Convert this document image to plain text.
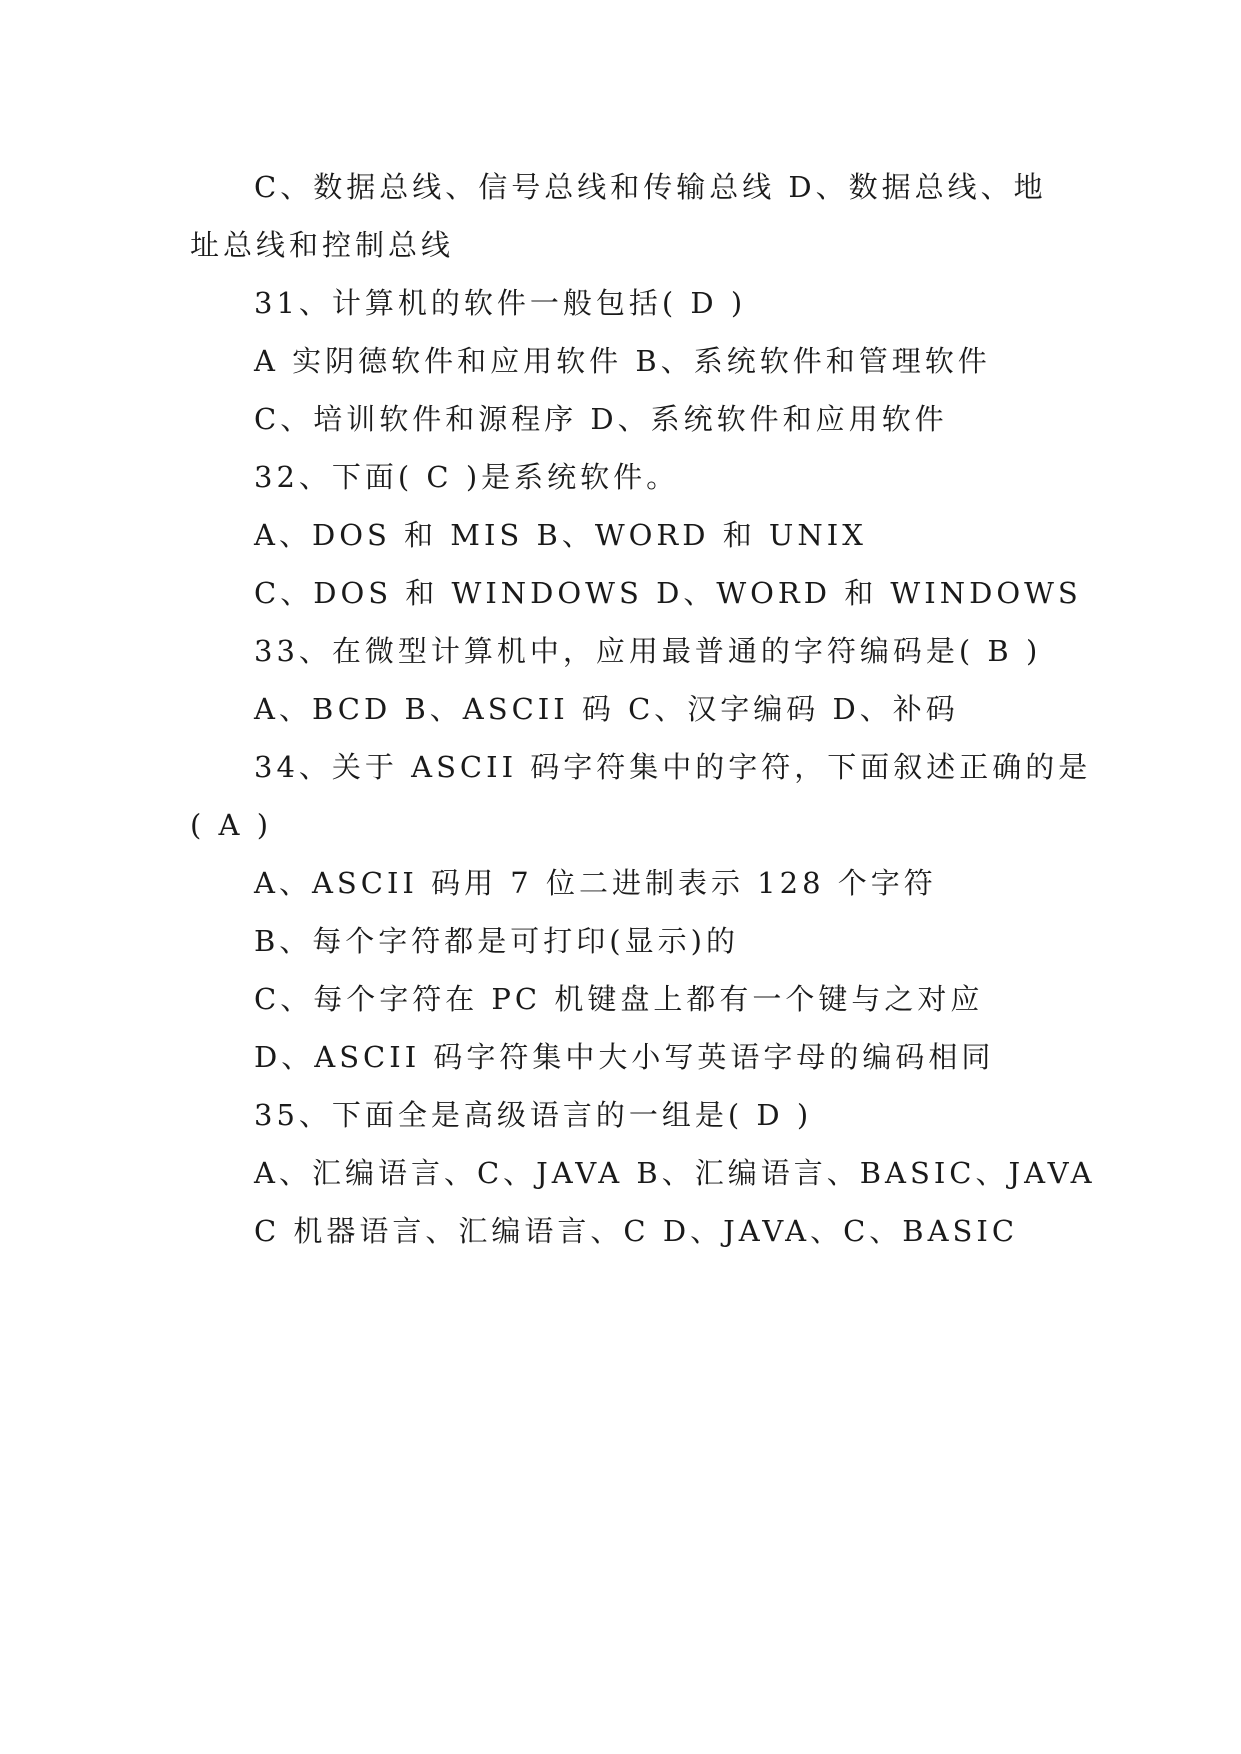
C、数据总线、信号总线和传输总线 D、数据总线、地
址总线和控制总线
31、计算机的软件一般包括( D )
A 实阴德软件和应用软件 B、系统软件和管理软件
C、培训软件和源程序 D、系统软件和应用软件
32、下面( C )是系统软件。
A、DOS 和 MIS B、WORD 和 UNIX
C、DOS 和 WINDOWS D、WORD 和 WINDOWS
33、在微型计算机中，应用最普通的字符编码是( B )
A、BCD B、ASCII 码 C、汉字编码 D、补码
34、关于 ASCII 码字符集中的字符，下面叙述正确的是
( A )
A、ASCII 码用 7 位二进制表示 128 个字符
B、每个字符都是可打印(显示)的
C、每个字符在 PC 机键盘上都有一个键与之对应
D、ASCII 码字符集中大小写英语字母的编码相同
35、下面全是高级语言的一组是( D )
A、汇编语言、C、JAVA B、汇编语言、BASIC、JAVA
C 机器语言、汇编语言、C D、JAVA、C、BASIC
